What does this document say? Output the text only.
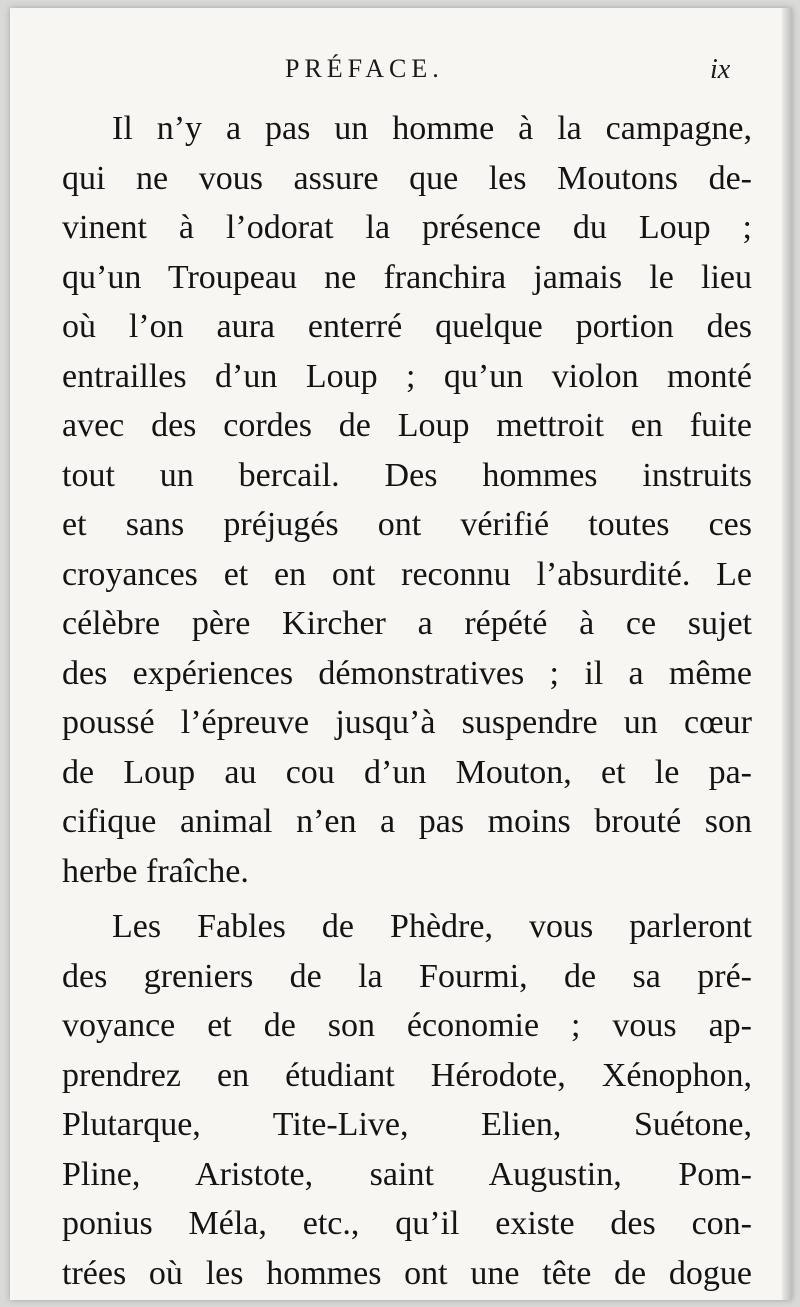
PRÉFACE.	ix
Il n’y a pas un homme à la campagne,
qui ne vous assure que les Moutons de-
vinent à l’odorat la présence du Loup ;
qu’un Troupeau ne franchira jamais le lieu
où l’on aura enterré quelque portion des
entrailles d’un Loup ; qu’un violon monté
avec des cordes de Loup mettroit en fuite
tout un bercail. Des hommes instruits
et sans préjugés ont vérifié toutes ces
croyances et en ont reconnu l’absurdité. Le
célèbre père Kircher a répété à ce sujet
des expériences démonstratives ; il a même
poussé l’épreuve jusqu’à suspendre un cœur
de Loup au cou d’un Mouton, et le pa-
cifique animal n’en a pas moins brouté son
herbe fraîche.
Les Fables de Phèdre, vous parleront
des greniers de la Fourmi, de sa pré-
voyance et de son économie ; vous ap-
prendrez en étudiant Hérodote, Xénophon,
Plutarque, Tite-Live, Elien, Suétone,
Pline, Aristote, saint Augustin, Pom-
ponius Méla, etc., qu’il existe des con-
trées où les hommes ont une tête de dogue
